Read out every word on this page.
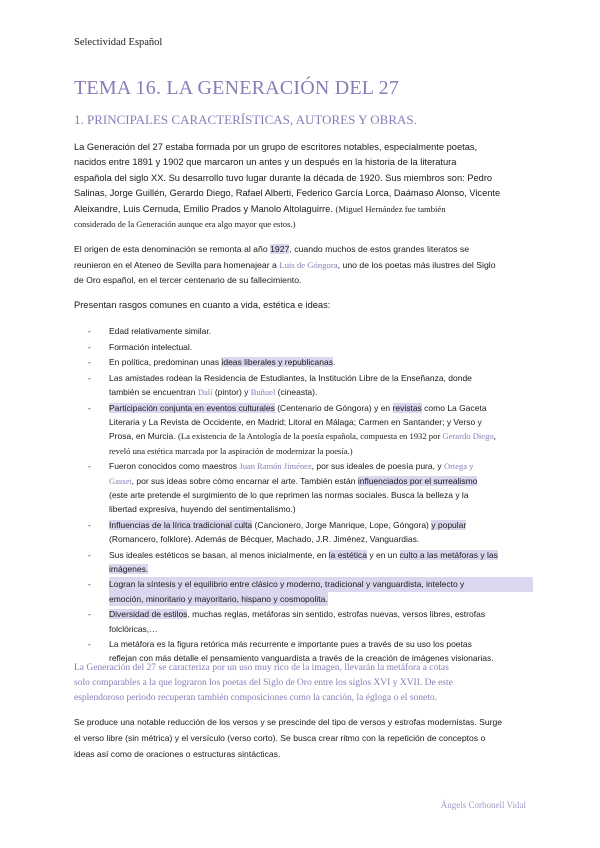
Selectividad Español
TEMA 16. LA GENERACIÓN DEL 27
1. PRINCIPALES CARACTERÍSTICAS, AUTORES Y OBRAS.
La Generación del 27 estaba formada por un grupo de escritores notables, especialmente poetas,
nacidos entre 1891 y 1902 que marcaron un antes y un después en la historia de la literatura
española del siglo XX. Su desarrollo tuvo lugar durante la década de 1920. Sus miembros son: Pedro
Salinas, Jorge Guillén, Gerardo Diego, Rafael Alberti, Federico García Lorca, Daámaso Alonso, Vicente
Aleixandre, Luis Cernuda, Emilio Prados y Manolo Altolaguirre. (Miguel Hernández fue también
considerado de la Generación aunque era algo mayor que estos.)
El origen de esta denominación se remonta al año 1927, cuando muchos de estos grandes literatos se
reunieron en el Ateneo de Sevilla para homenajear a Luis de Góngora, uno de los poetas más ilustres del Siglo
de Oro español, en el tercer centenario de su fallecimiento.
Presentan rasgos comunes en cuanto a vida, estética e ideas:
- Edad relativamente similar.
- Formación intelectual.
- En política, predominan unas ideas liberales y republicanas.
- Las amistades rodean la Residencia de Estudiantes, la Institución Libre de la Enseñanza, donde
también se encuentran Dalí (pintor) y Buñuel (cineasta).
- Participación conjunta en eventos culturales (Centenario de Góngora) y en revistas como La Gaceta
Literaria y La Revista de Occidente, en Madrid; Litoral en Málaga; Carmen en Santander; y Verso y
Prosa, en Murcia. (La existencia de la Antología de la poesía española, compuesta en 1932 por Gerardo Diego,
reveló una estética marcada por la aspiración de modernizar la poesía.)
- Fueron conocidos como maestros Juan Ramón Jiménez, por sus ideales de poesía pura, y Ortega y
Gasset, por sus ideas sobre cómo encarnar el arte. También están influenciados por el surrealismo
(este arte pretende el surgimiento de lo que reprimen las normas sociales. Busca la belleza y la
libertad expresiva, huyendo del sentimentalismo.)
- Influencias de la lírica tradicional culta (Cancionero, Jorge Manrique, Lope, Góngora) y popular
(Romancero, folklore). Además de Bécquer, Machado, J.R. Jiménez, Vanguardias.
- Sus ideales estéticos se basan, al menos inicialmente, en la estética y en un culto a las metáforas y las
imágenes.
- Logran la síntesis y el equilibrio entre clásico y moderno, tradicional y vanguardista, intelecto y
emoción, minoritario y mayoritario, hispano y cosmopolita.
- Diversidad de estilos, muchas reglas, metáforas sin sentido, estrofas nuevas, versos libres, estrofas
folclóricas,…
- La metáfora es la figura retórica más recurrente e importante pues a través de su uso los poetas
reflejan con más detalle el pensamiento vanguardista a través de la creación de imágenes visionarias.
La Generación del 27 se caracteriza por un uso muy rico de la imagen, llevarán la metáfora a cotas
solo comparables a la que lograron los poetas del Siglo de Oro entre los siglos XVI y XVII. De este
esplendoroso periodo recuperan también composiciones como la canción, la égloga o el soneto.
Se produce una notable reducción de los versos y se prescinde del tipo de versos y estrofas modernistas. Surge
el verso libre (sin métrica) y el versículo (verso corto). Se busca crear ritmo con la repetición de conceptos o
ideas así como de oraciones o estructuras sintácticas.
Ángels Corbonell Vidal
